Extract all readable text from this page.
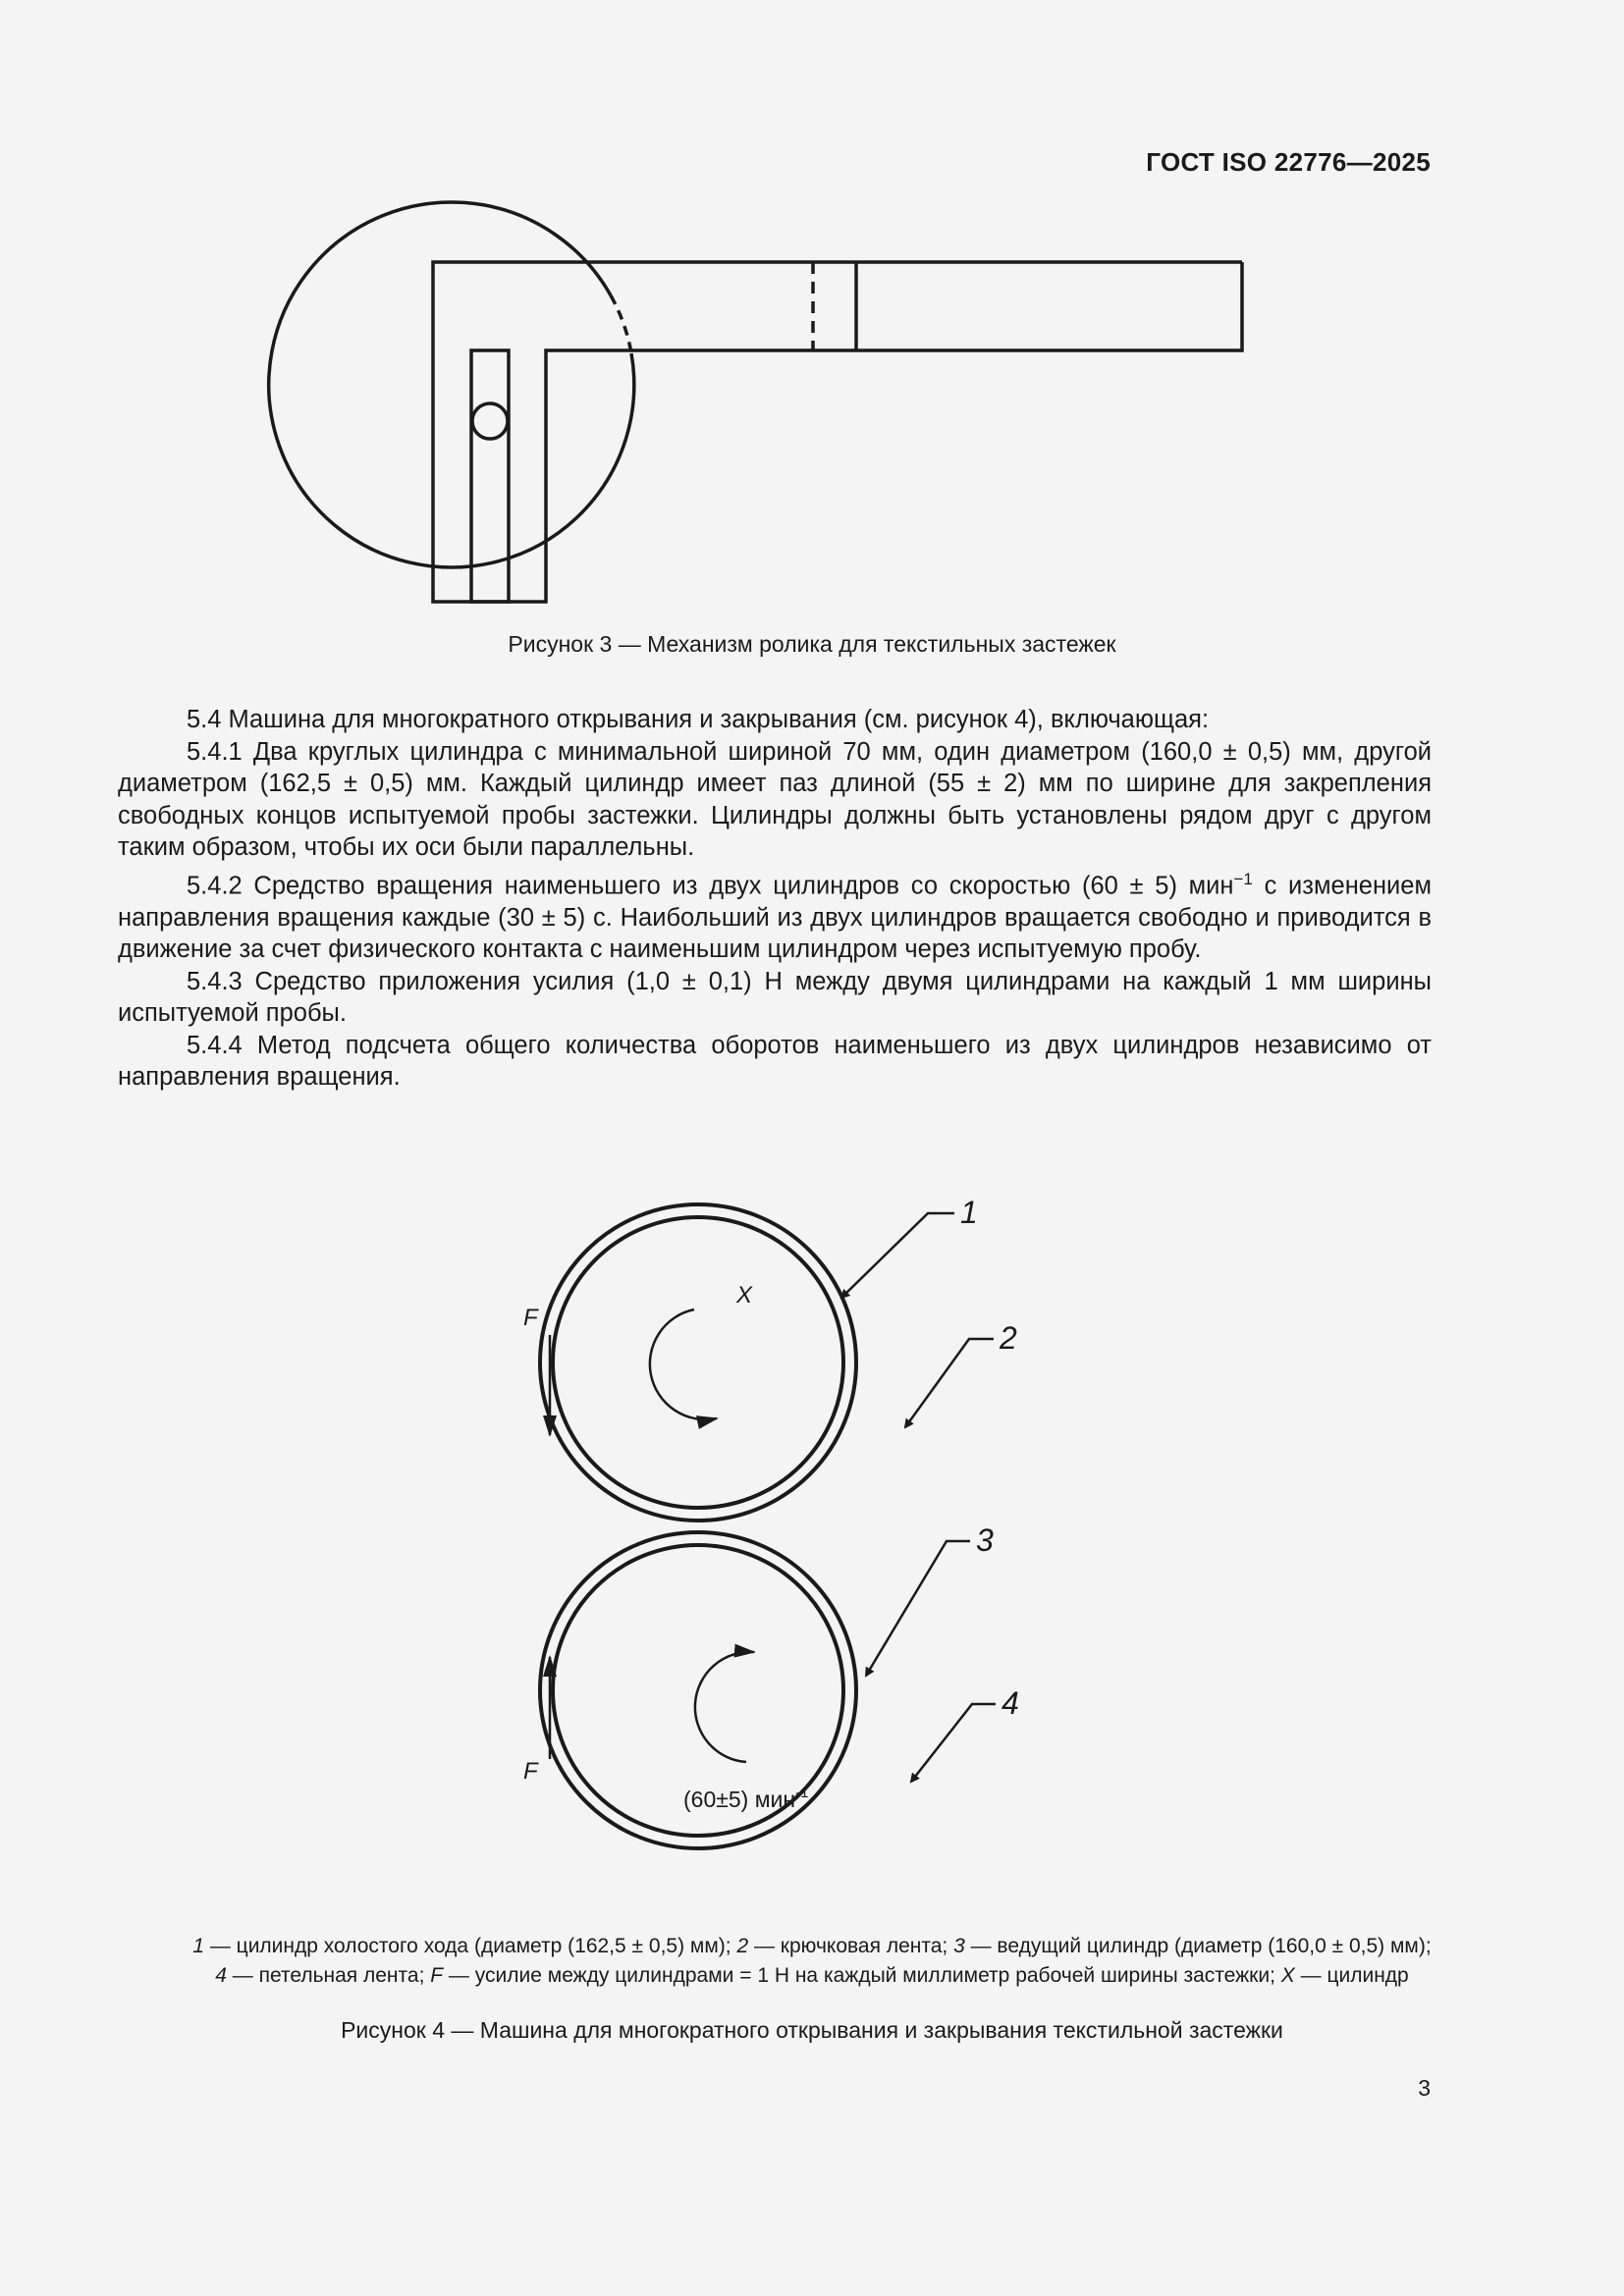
ГОСТ ISO 22776—2025
Рисунок 3 — Механизм ролика для текстильных застежек

5.4 Машина для многократного открывания и закрывания (см. рисунок 4), включающая:

5.4.1 Два круглых цилиндра с минимальной шириной 70 мм, один диаметром (160,0 ± 0,5) мм, другой диаметром (162,5 ± 0,5) мм. Каждый цилиндр имеет паз длиной (55 ± 2) мм по ширине для закрепления свободных концов испытуемой пробы застежки. Цилиндры должны быть установлены рядом друг с другом таким образом, чтобы их оси были параллельны.

5.4.2 Средство вращения наименьшего из двух цилиндров со скоростью (60 ± 5) мин$^{-1}$ с изменением направления вращения каждые (30 ± 5) с. Наибольший из двух цилиндров вращается свободно и приводится в движение за счет физического контакта с наименьшим цилиндром через испытуемую пробу.

5.4.3 Средство приложения усилия (1,0 ± 0,1) Н между двумя цилиндрами на каждый 1 мм ширины испытуемой пробы.

5.4.4 Метод подсчета общего количества оборотов наименьшего из двух цилиндров независимо от направления вращения.

1
2
3
4
F
F
X
(60±5) мин$^{-1}$
1 — цилиндр холостого хода (диаметр (162,5 ± 0,5) мм); 2 — крючковая лента; 3 — ведущий цилиндр (диаметр (160,0 ± 0,5) мм);
4 — петельная лента; F — усилие между цилиндрами = 1 Н на каждый миллиметр рабочей ширины застежки; X — цилиндр
Рисунок 4 — Машина для многократного открывания и закрывания текстильной застежки
3
